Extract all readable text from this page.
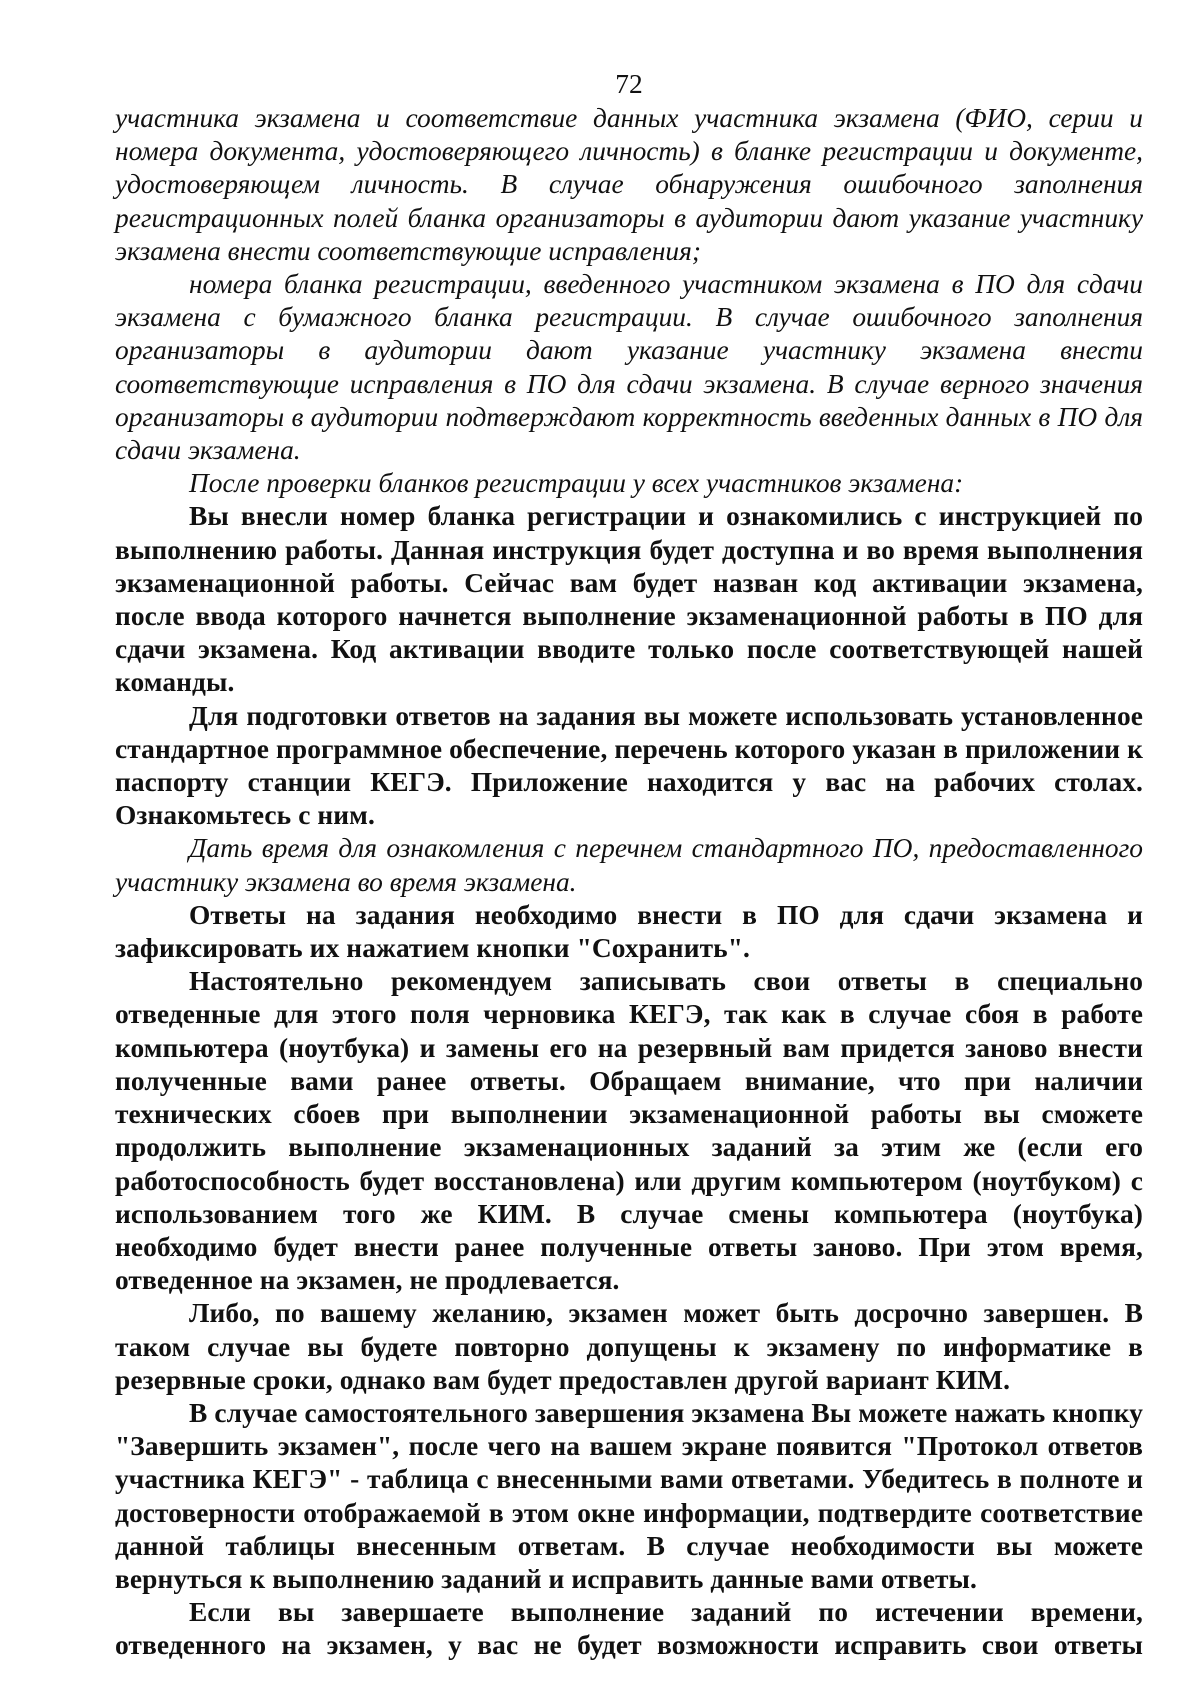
72

участника экзамена и соответствие данных участника экзамена (ФИО, серии и номера документа, удостоверяющего личность) в бланке регистрации и документе, удостоверяющем личность. В случае обнаружения ошибочного заполнения регистрационных полей бланка организаторы в аудитории дают указание участнику экзамена внести соответствующие исправления;

номера бланка регистрации, введенного участником экзамена в ПО для сдачи экзамена с бумажного бланка регистрации. В случае ошибочного заполнения организаторы в аудитории дают указание участнику экзамена внести соответствующие исправления в ПО для сдачи экзамена. В случае верного значения организаторы в аудитории подтверждают корректность введенных данных в ПО для сдачи экзамена.

После проверки бланков регистрации у всех участников экзамена:

Вы внесли номер бланка регистрации и ознакомились с инструкцией по выполнению работы. Данная инструкция будет доступна и во время выполнения экзаменационной работы. Сейчас вам будет назван код активации экзамена, после ввода которого начнется выполнение экзаменационной работы в ПО для сдачи экзамена. Код активации вводите только после соответствующей нашей команды.

Для подготовки ответов на задания вы можете использовать установленное стандартное программное обеспечение, перечень которого указан в приложении к паспорту станции КЕГЭ. Приложение находится у вас на рабочих столах. Ознакомьтесь с ним.

Дать время для ознакомления с перечнем стандартного ПО, предоставленного участнику экзамена во время экзамена.

Ответы на задания необходимо внести в ПО для сдачи экзамена и зафиксировать их нажатием кнопки "Сохранить".

Настоятельно рекомендуем записывать свои ответы в специально отведенные для этого поля черновика КЕГЭ, так как в случае сбоя в работе компьютера (ноутбука) и замены его на резервный вам придется заново внести полученные вами ранее ответы. Обращаем внимание, что при наличии технических сбоев при выполнении экзаменационной работы вы сможете продолжить выполнение экзаменационных заданий за этим же (если его работоспособность будет восстановлена) или другим компьютером (ноутбуком) с использованием того же КИМ. В случае смены компьютера (ноутбука) необходимо будет внести ранее полученные ответы заново. При этом время, отведенное на экзамен, не продлевается.

Либо, по вашему желанию, экзамен может быть досрочно завершен. В таком случае вы будете повторно допущены к экзамену по информатике в резервные сроки, однако вам будет предоставлен другой вариант КИМ.

В случае самостоятельного завершения экзамена Вы можете нажать кнопку "Завершить экзамен", после чего на вашем экране появится "Протокол ответов участника КЕГЭ" - таблица с внесенными вами ответами. Убедитесь в полноте и достоверности отображаемой в этом окне информации, подтвердите соответствие данной таблицы внесенным ответам. В случае необходимости вы можете вернуться к выполнению заданий и исправить данные вами ответы.

Если вы завершаете выполнение заданий по истечении времени, отведенного на экзамен, у вас не будет возможности исправить свои ответы
